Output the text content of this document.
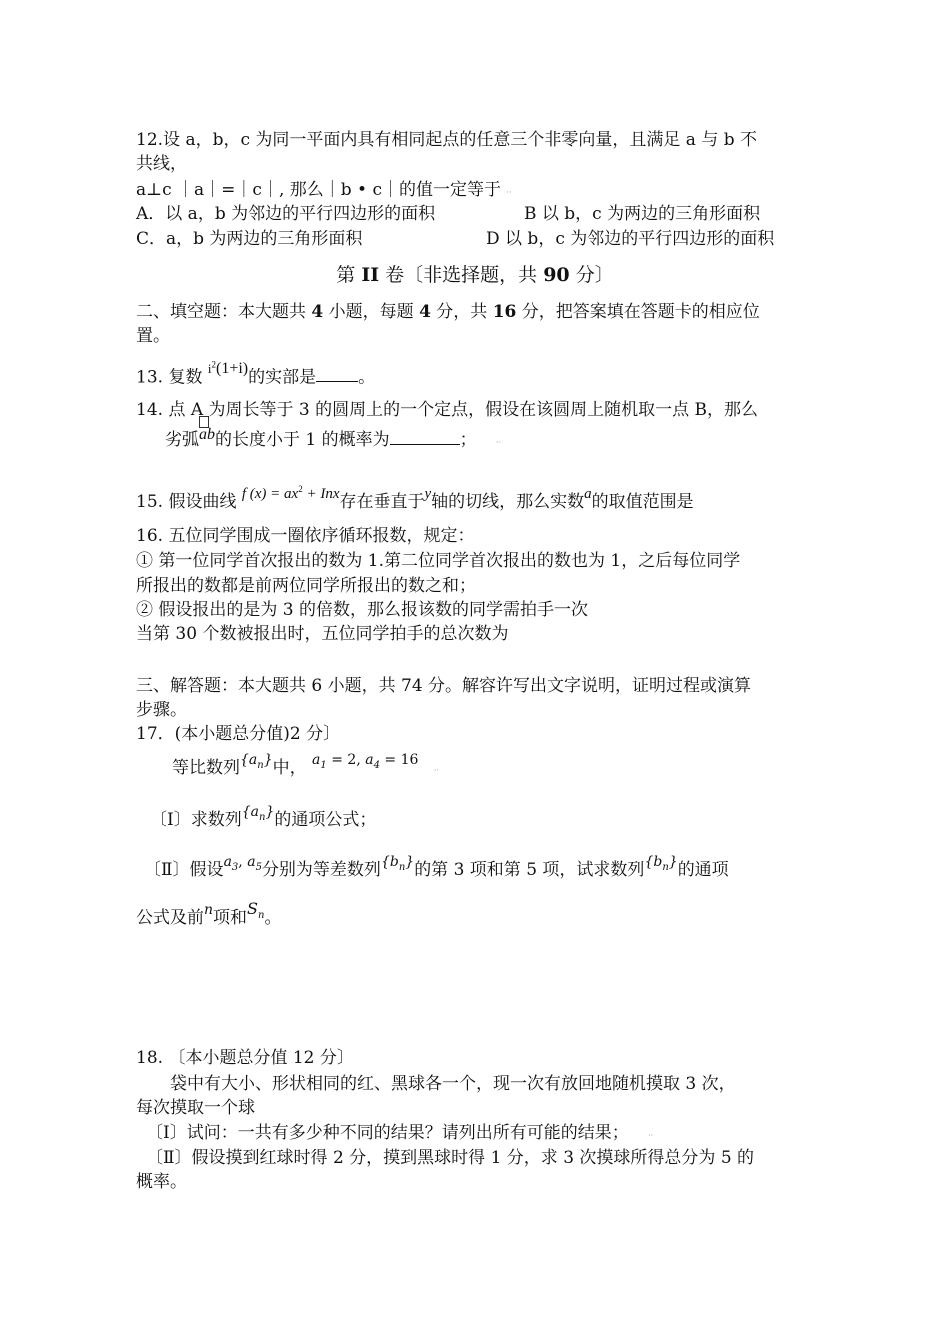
12.设 a，b，c 为同一平面内具有相同起点的任意三个非零向量，且满足 a 与 b 不
共线，
a⊥c ｜a｜=｜c｜, 那么｜b • c｜的值一定等于 ··
A．以 a，b 为邻边的平行四边形的面积	B 以 b，c 为两边的三角形面积
C．a，b 为两边的三角形面积	D 以 b，c 为邻边的平行四边形的面积
第 II 卷〔非选择题，共 90 分〕
二、填空题：本大题共 4 小题，每题 4 分，共 16 分，把答案填在答题卡的相应位
置。
13. 复数 $^{i^2(1+i)}$的实部是 。
14. 点 A 为周长等于 3 的圆周上的一个定点，假设在该圆周上随机取一点 B，那么
劣弧
ab的长度小于 1 的概率为	； ··
15. 假设曲线 f $(x) = ax^2$ + Inx存在垂直于y轴的切线，那么实数a的取值范围是
16. 五位同学围成一圈依序循环报数，规定：
① 第一位同学首次报出的数为 1.第二位同学首次报出的数也为 1，之后每位同学
所报出的数都是前两位同学所报出的数之和；
② 假设报出的是为 3 的倍数，那么报该数的同学需拍手一次
当第 30 个数被报出时，五位同学拍手的总次数为
三、解答题：本大题共 6 小题，共 74 分。解容许写出文字说明，证明过程或演算
步骤。
17．(本小题总分值)2 分〕
等比数列$^{\{a_n\}}$中， $^{a_1 = 2, a_4 = 16}$ ··
〔I〕求数列$^{\{a_n\}}$的通项公式；
〔Ⅱ〕假设$^{a_3, a_5}$分别为等差数列$^{\{b_n\}}$的第 3 项和第 5 项，试求数列$^{\{b_n\}}$的通项
公式及前$^n$项和$S_n$。
18. 〔本小题总分值 12 分〕
袋中有大小、形状相同的红、黑球各一个，现一次有放回地随机摸取 3 次，
每次摸取一个球
〔I〕试问：一共有多少种不同的结果？请列出所有可能的结果； ··
〔Ⅱ〕假设摸到红球时得 2 分，摸到黑球时得 1 分，求 3 次摸球所得总分为 5 的
概率。
